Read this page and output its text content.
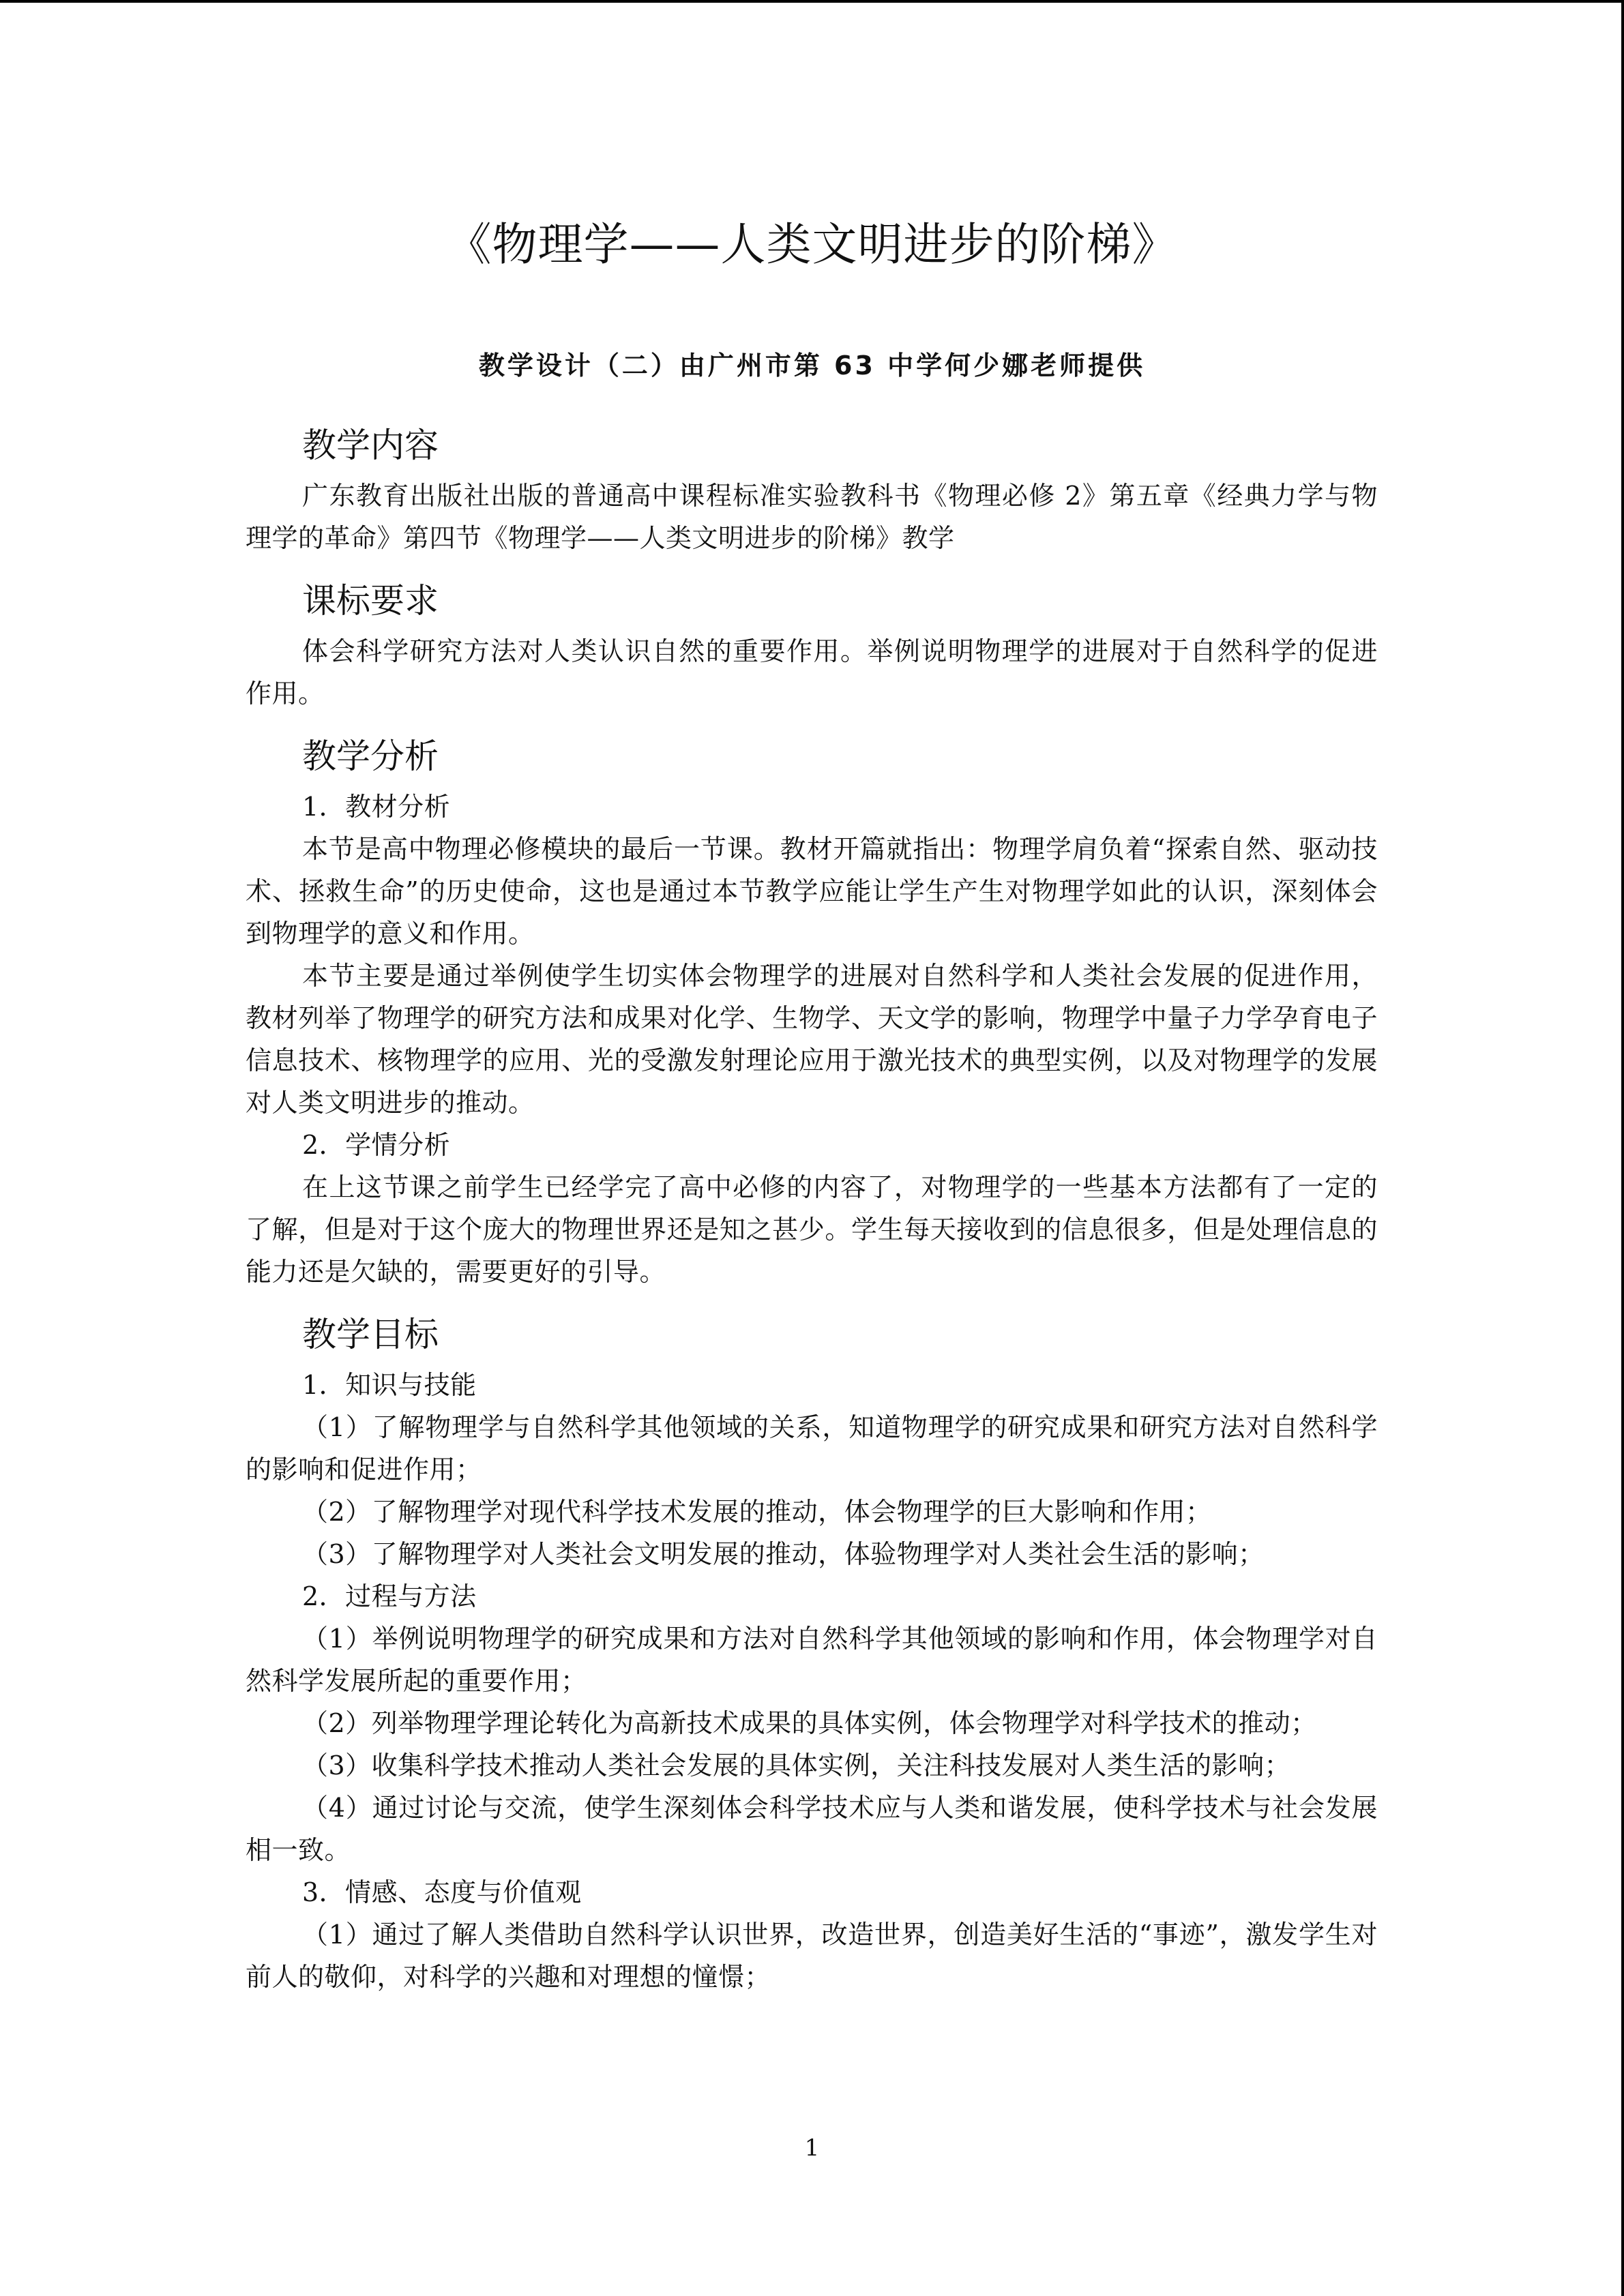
《物理学——人类文明进步的阶梯》
教学设计（二）由广州市第 63 中学何少娜老师提供
教学内容

广东教育出版社出版的普通高中课程标准实验教科书《物理必修 2》第五章《经典力学与物理学的革命》第四节《物理学——人类文明进步的阶梯》教学

课标要求

体会科学研究方法对人类认识自然的重要作用。举例说明物理学的进展对于自然科学的促进作用。

教学分析

1．教材分析

本节是高中物理必修模块的最后一节课。教材开篇就指出：物理学肩负着“探索自然、驱动技术、拯救生命”的历史使命，这也是通过本节教学应能让学生产生对物理学如此的认识，深刻体会到物理学的意义和作用。

本节主要是通过举例使学生切实体会物理学的进展对自然科学和人类社会发展的促进作用，教材列举了物理学的研究方法和成果对化学、生物学、天文学的影响，物理学中量子力学孕育电子信息技术、核物理学的应用、光的受激发射理论应用于激光技术的典型实例，以及对物理学的发展对人类文明进步的推动。

2．学情分析

在上这节课之前学生已经学完了高中必修的内容了，对物理学的一些基本方法都有了一定的了解，但是对于这个庞大的物理世界还是知之甚少。学生每天接收到的信息很多，但是处理信息的能力还是欠缺的，需要更好的引导。

教学目标

1．知识与技能

（1）了解物理学与自然科学其他领域的关系，知道物理学的研究成果和研究方法对自然科学的影响和促进作用；

（2）了解物理学对现代科学技术发展的推动，体会物理学的巨大影响和作用；

（3）了解物理学对人类社会文明发展的推动，体验物理学对人类社会生活的影响；

2．过程与方法

（1）举例说明物理学的研究成果和方法对自然科学其他领域的影响和作用，体会物理学对自然科学发展所起的重要作用；

（2）列举物理学理论转化为高新技术成果的具体实例，体会物理学对科学技术的推动；

（3）收集科学技术推动人类社会发展的具体实例，关注科技发展对人类生活的影响；

（4）通过讨论与交流，使学生深刻体会科学技术应与人类和谐发展，使科学技术与社会发展相一致。

3．情感、态度与价值观

（1）通过了解人类借助自然科学认识世界，改造世界，创造美好生活的“事迹”，激发学生对前人的敬仰，对科学的兴趣和对理想的憧憬；

1
